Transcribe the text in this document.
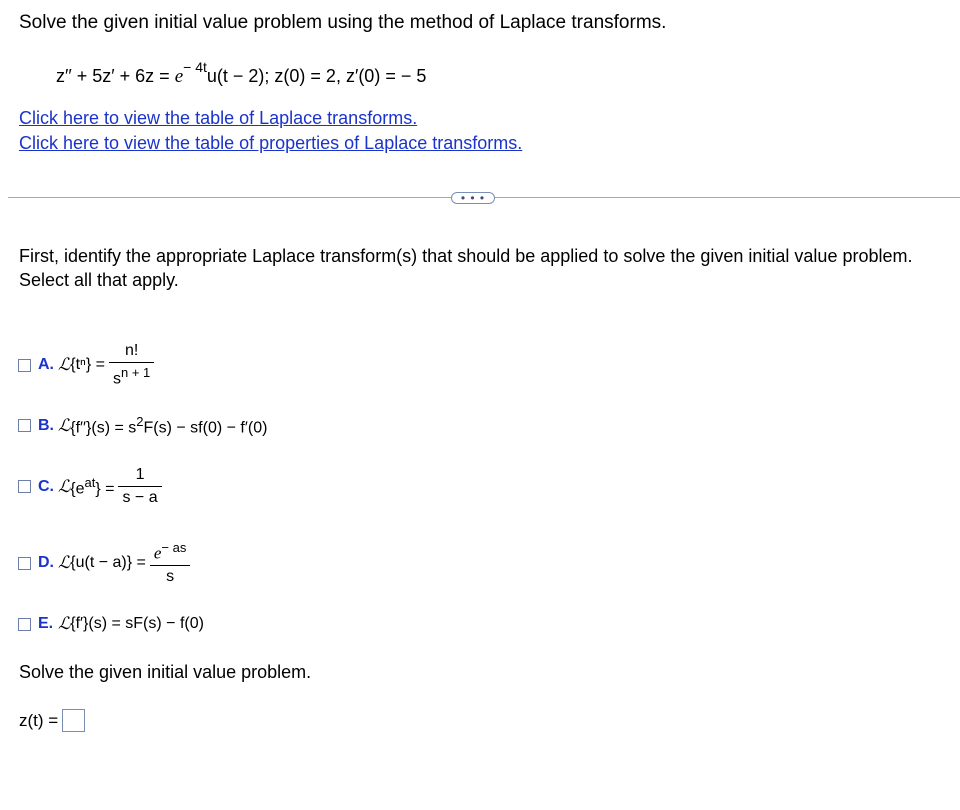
Solve the given initial value problem using the method of Laplace transforms.
$z'' + 5z' + 6z = e^{- 4t}u(t - 2)$; z(0) = 2, z′(0) = − 5
Click here to view the table of Laplace transforms.
Click here to view the table of properties of Laplace transforms.
• • •
First, identify the appropriate Laplace transform(s) that should be applied to solve the given initial value problem. Select all that apply.
A. ℒ $\{t^n\} = \frac{n!}{s^{n + 1}}$
B. ℒ $\{f''\}(s) = s^2F(s) - sf(0) - f'(0)$
C. ℒ $\{e^{at}\} = \frac{1}{s - a}$
D. ℒ $\{u(t - a)\} = \frac{e^{- as}}{s}$
E. ℒ {f′}(s) = sF(s) − f(0)
Solve the given initial value problem.
z(t) =
